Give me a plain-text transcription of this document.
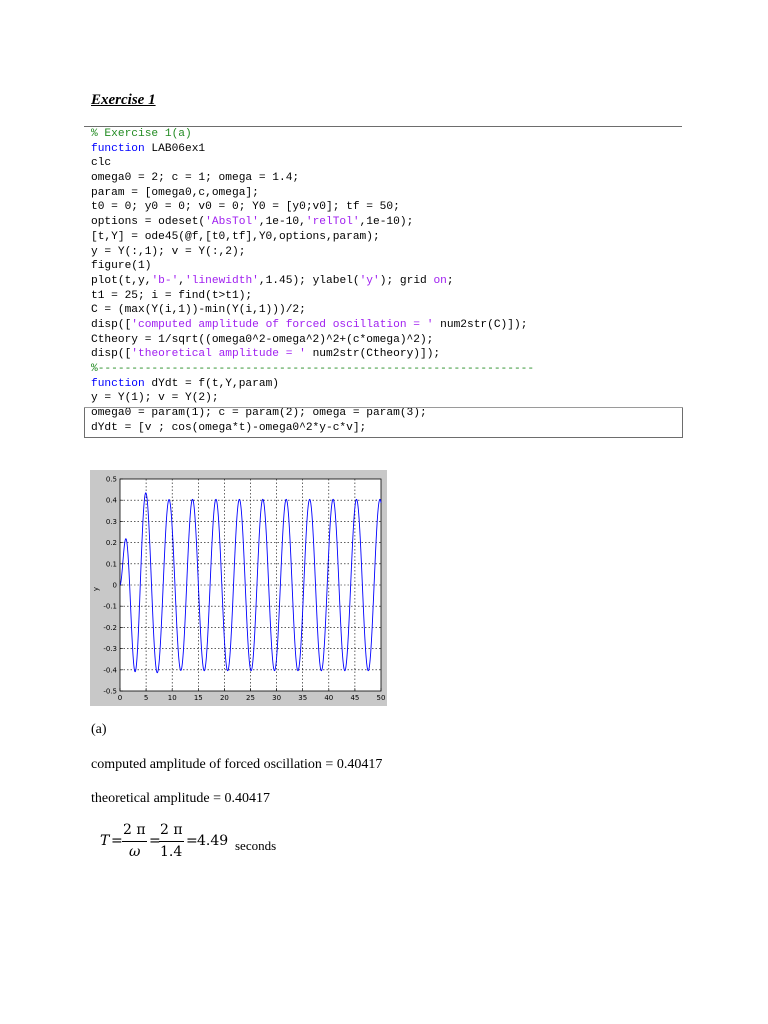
Exercise 1
% Exercise 1(a)
function LAB06ex1
clc
omega0 = 2; c = 1; omega = 1.4;
param = [omega0,c,omega];
t0 = 0; y0 = 0; v0 = 0; Y0 = [y0;v0]; tf = 50;
options = odeset('AbsTol',1e-10,'relTol',1e-10);
[t,Y] = ode45(@f,[t0,tf],Y0,options,param);
y = Y(:,1); v = Y(:,2);
figure(1)
plot(t,y,'b-','linewidth',1.45); ylabel('y'); grid on;
t1 = 25; i = find(t>t1);
C = (max(Y(i,1))-min(Y(i,1)))/2;
disp(['computed amplitude of forced oscillation = ' num2str(C)]);
Ctheory = 1/sqrt((omega0^2-omega^2)^2+(c*omega)^2);
disp(['theoretical amplitude = ' num2str(Ctheory)]);
%-----------------------------------------------------------------
function dYdt = f(t,Y,param)
y = Y(1); v = Y(2);
omega0 = param(1); c = param(2); omega = param(3);
dYdt = [v ; cos(omega*t)-omega0^2*y-c*v];
0	5	10 15 20 25 30 35 40 45 50
0.5
0.4
0.3
0.2
0.1
0
-0.1
-0.2
-0.3
-0.4
-0.5
y

(a)

computed amplitude of forced oscillation = 0.40417

theoretical amplitude = 0.40417

T =
2 π
ω
=
2 π
1.4
= 4.49 seconds
